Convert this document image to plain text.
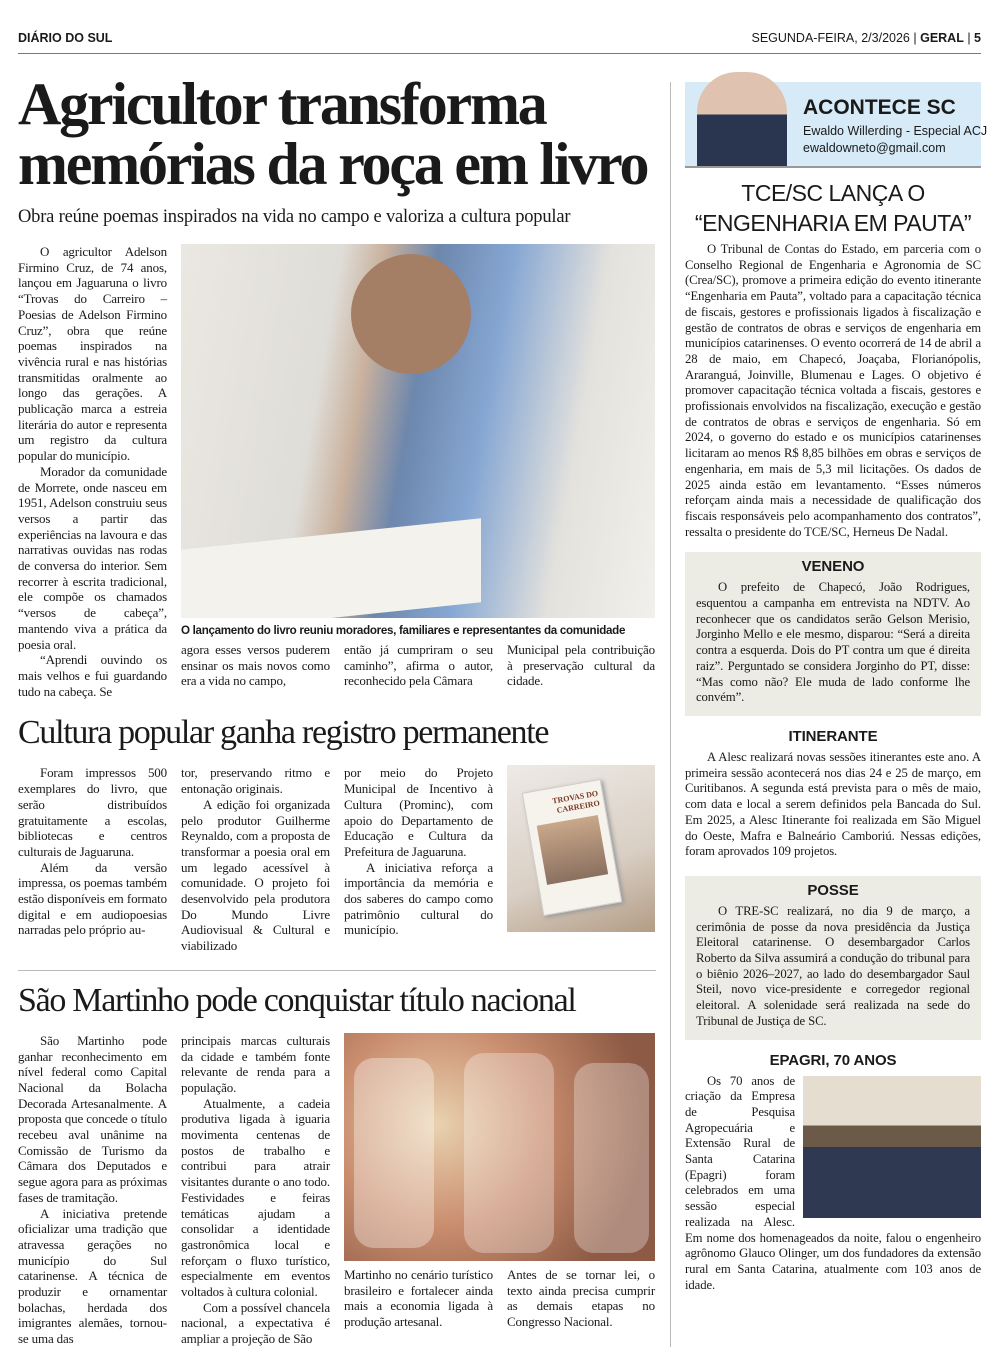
DIÁRIO DO SUL	SEGUNDA-FEIRA, 2/3/2026 | GERAL | 5
Agricultor transforma
memórias da roça em livro
Obra reúne poemas inspirados na vida no campo e valoriza a cultura popular

O agricultor Adelson Firmino Cruz, de 74 anos, lançou em Jaguaruna o livro “Trovas do Carreiro – Poesias de Adelson Firmino Cruz”, obra que reúne poemas inspirados na vivência rural e nas histórias transmitidas oralmente ao longo das gerações. A publicação marca a estreia literária do autor e representa um registro da cultura popular do município.

Morador da comunidade de Morrete, onde nasceu em 1951, Adelson construiu seus versos a partir das experiências na lavoura e das narrativas ouvidas nas rodas de conversa do interior. Sem recorrer à escrita tradicional, ele compõe os chamados “versos de cabeça”, mantendo viva a prática da poesia oral.

“Aprendi ouvindo os mais velhos e fui guardando tudo na cabeça. Se

O lançamento do livro reuniu moradores, familiares e representantes da comunidade
agora esses versos puderem ensinar os mais novos como era a vida no campo,
então já cumpriram o seu caminho”, afirma o autor, reconhecido pela Câmara
Municipal pela contribuição à preservação cultural da cidade.
Cultura popular ganha registro permanente

Foram impressos 500 exemplares do livro, que serão distribuídos gratuitamente a escolas, bibliotecas e centros culturais de Jaguaruna.

Além da versão impressa, os poemas também estão disponíveis em formato digital e em audiopoesias narradas pelo próprio au-

tor, preservando ritmo e entonação originais.

A edição foi organizada pelo produtor Guilherme Reynaldo, com a proposta de transformar a poesia oral em um legado acessível à comunidade. O projeto foi desenvolvido pela produtora Do Mundo Livre Audiovisual & Cultural e viabilizado

por meio do Projeto Municipal de Incentivo à Cultura (Prominc), com apoio do Departamento de Educação e Cultura da Prefeitura de Jaguaruna.

A iniciativa reforça a importância da memória e dos saberes do campo como patrimônio cultural do município.

TROVAS DO CARREIRO
São Martinho pode conquistar título nacional

São Martinho pode ganhar reconhecimento em nível federal como Capital Nacional da Bolacha Decorada Artesanalmente. A proposta que concede o título recebeu aval unânime na Comissão de Turismo da Câmara dos Deputados e segue agora para as próximas fases de tramitação.

A iniciativa pretende oficializar uma tradição que atravessa gerações no município do Sul catarinense. A técnica de produzir e ornamentar bolachas, herdada dos imigrantes alemães, tornou-se uma das

principais marcas culturais da cidade e também fonte relevante de renda para a população.

Atualmente, a cadeia produtiva ligada à iguaria movimenta centenas de postos de trabalho e contribui para atrair visitantes durante o ano todo. Festividades e feiras temáticas ajudam a consolidar a identidade gastronômica local e reforçam o fluxo turístico, especialmente em eventos voltados à cultura colonial.

Com a possível chancela nacional, a expectativa é ampliar a projeção de São

Martinho no cenário turístico brasileiro e fortalecer ainda mais a economia ligada à produção artesanal.
Antes de se tornar lei, o texto ainda precisa cumprir as demais etapas no Congresso Nacional.
ACONTECE SC
Ewaldo Willerding - Especial ACJ
ewaldowneto@gmail.com
TCE/SC LANÇA O
“ENGENHARIA EM PAUTA”

O Tribunal de Contas do Estado, em parceria com o Conselho Regional de Engenharia e Agronomia de SC (Crea/SC), promove a primeira edição do evento itinerante “Engenharia em Pauta”, voltado para a capacitação técnica de fiscais, gestores e profissionais ligados à fiscalização e gestão de contratos de obras e serviços de engenharia em municípios catarinenses. O evento ocorrerá de 14 de abril a 28 de maio, em Chapecó, Joaçaba, Florianópolis, Araranguá, Joinville, Blumenau e Lages. O objetivo é promover capacitação técnica voltada a fiscais, gestores e profissionais envolvidos na fiscalização, execução e gestão de contratos de obras e serviços de engenharia. Só em 2024, o governo do estado e os municípios catarinenses licitaram ao menos R$ 8,85 bilhões em obras e serviços de engenharia, em mais de 5,3 mil licitações. Os dados de 2025 ainda estão em levantamento. “Esses números reforçam ainda mais a necessidade de qualificação dos fiscais responsáveis pelo acompanhamento dos contratos”, ressalta o presidente do TCE/SC, Herneus De Nadal.

VENENO

O prefeito de Chapecó, João Rodrigues, esquentou a campanha em entrevista na NDTV. Ao reconhecer que os candidatos serão Gelson Merisio, Jorginho Mello e ele mesmo, disparou: “Será a direita contra a esquerda. Dois do PT contra um que é direita raiz”. Perguntado se considera Jorginho do PT, disse: “Mas como não? Ele muda de lado conforme lhe convém”.

ITINERANTE

A Alesc realizará novas sessões itinerantes este ano. A primeira sessão acontecerá nos dias 24 e 25 de março, em Curitibanos. A segunda está prevista para o mês de maio, com data e local a serem definidos pela Bancada do Sul. Em 2025, a Alesc Itinerante foi realizada em São Miguel do Oeste, Mafra e Balneário Camboriú. Nessas edições, foram aprovados 109 projetos.

POSSE

O TRE-SC realizará, no dia 9 de março, a cerimônia de posse da nova presidência da Justiça Eleitoral catarinense. O desembargador Carlos Roberto da Silva assumirá a condução do tribunal para o biênio 2026–2027, ao lado do desembargador Saul Steil, novo vice-presidente e corregedor regional eleitoral. A solenidade será realizada na sede do Tribunal de Justiça de SC.

EPAGRI, 70 ANOS

Os 70 anos de criação da Empresa de Pesquisa Agropecuária e Extensão Rural de Santa Catarina (Epagri) foram celebrados em uma sessão especial realizada na Alesc. Em nome dos homenageados da noite, falou o engenheiro agrônomo Glauco Olinger, um dos fundadores da extensão rural em Santa Catarina, atualmente com 103 anos de idade.
